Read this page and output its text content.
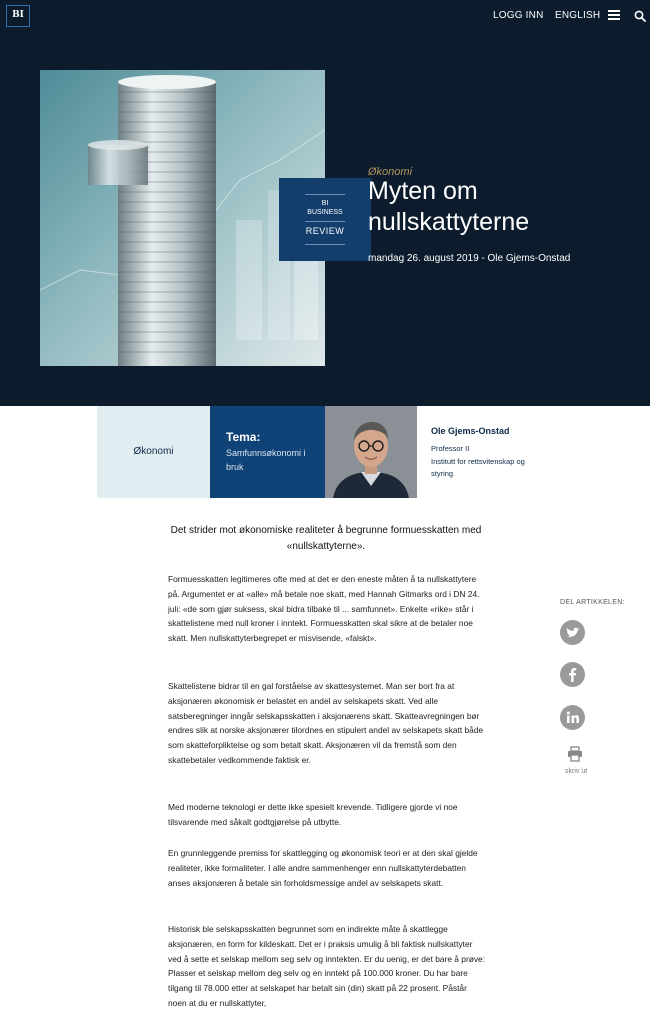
BI	LOGG INN ENGLISH
BI
BUSINESS
REVIEW
Økonomi
Myten om nullskattyterne
mandag 26. august 2019 - Ole Gjems-Onstad
Økonomi
Tema:
Samfunnsøkonomi i bruk
Ole Gjems-Onstad
Professor II
Institutt for rettsvitenskap og styring

Det strider mot økonomiske realiteter å begrunne formuesskatten med «nullskattyterne».

Formuesskatten legitimeres ofte med at det er den eneste måten å ta nullskattytere på. Argumentet er at «alle» må betale noe skatt, med Hannah Gitmarks ord i DN 24. juli: «de som gjør suksess, skal bidra tilbake til ... samfunnet». Enkelte «rike» står i skattelistene med null kroner i inntekt. Formuesskatten skal sikre at de betaler noe skatt. Men nullskattyterbegrepet er misvisende, «falskt».

Skattelistene bidrar til en gal forståelse av skattesystemet. Man ser bort fra at aksjonæren økonomisk er belastet en andel av selskapets skatt. Ved alle satsberegninger inngår selskapsskatten i aksjonærens skatt. Skatteavregningen bør endres slik at norske aksjonærer tilordnes en stipulert andel av selskapets skatt både som skatteforpliktelse og som betalt skatt. Aksjonæren vil da fremstå som den skattebetaler vedkommende faktisk er.

Med moderne teknologi er dette ikke spesielt krevende. Tidligere gjorde vi noe tilsvarende med såkalt godtgjørelse på utbytte.

En grunnleggende premiss for skattlegging og økonomisk teori er at den skal gjelde realiteter, ikke formaliteter. I alle andre sammenhenger enn nullskattyterdebatten anses aksjonæren å betale sin forholdsmessige andel av selskapets skatt.

Historisk ble selskapsskatten begrunnet som en indirekte måte å skattlegge aksjonæren, en form for kildeskatt. Det er i praksis umulig å bli faktisk nullskattyter ved å sette et selskap mellom seg selv og inntekten. Er du uenig, er det bare å prøve: Plasser et selskap mellom deg selv og en inntekt på 100.000 kroner. Du har bare tilgang til 78.000 etter at selskapet har betalt sin (din) skatt på 22 prosent. Påstår noen at du er nullskattyter,

DEL ARTIKKELEN:
skriv ut
